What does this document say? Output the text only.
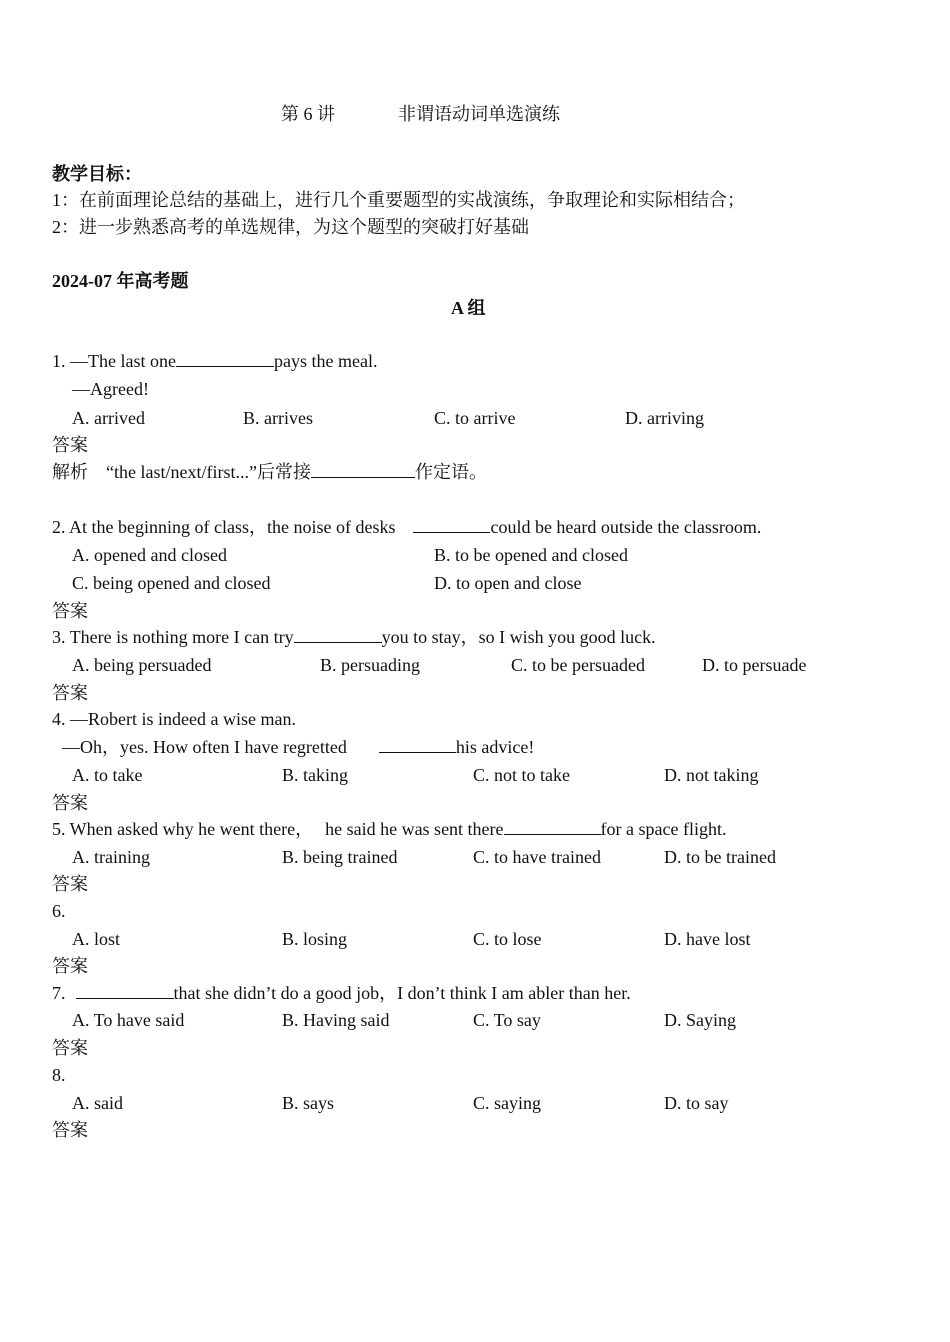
第 6 讲	非谓语动词单选演练
教学目标：
1：在前面理论总结的基础上，进行几个重要题型的实战演练，争取理论和实际相结合；
2：进一步熟悉高考的单选规律，为这个题型的突破打好基础
2024-07 年高考题
A 组
1. —The last one	pays the meal.
—Agreed!
A. arrived	B. arrives	C. to arrive	D. arriving
答案
解析 “the last/next/first...”后常接	作定语。
2. At the beginning of class，the noise of desks	could be heard outside the classroom.
A. opened and closed	B. to be opened and closed
C. being opened and closed	D. to open and close
答案
3. There is nothing more I can try	you to stay，so I wish you good luck.
A. being persuaded	B. persuading	C. to be persuaded	D. to persuade
答案
4. —Robert is indeed a wise man.
—Oh，yes. How often I have regretted	his advice!
A. to take	B. taking	C. not to take	D. not taking
答案
5. When asked why he went there， he said he was sent there	for a space flight.
A. training	B. being trained	C. to have trained	D. to be trained
答案
6.
A. lost	B. losing	C. to lose	D. have lost
答案
7.	that she didn’t do a good job，I don’t think I am abler than her.
A. To have said	B. Having said	C. To say	D. Saying
答案
8.
A. said	B. says	C. saying	D. to say
答案
